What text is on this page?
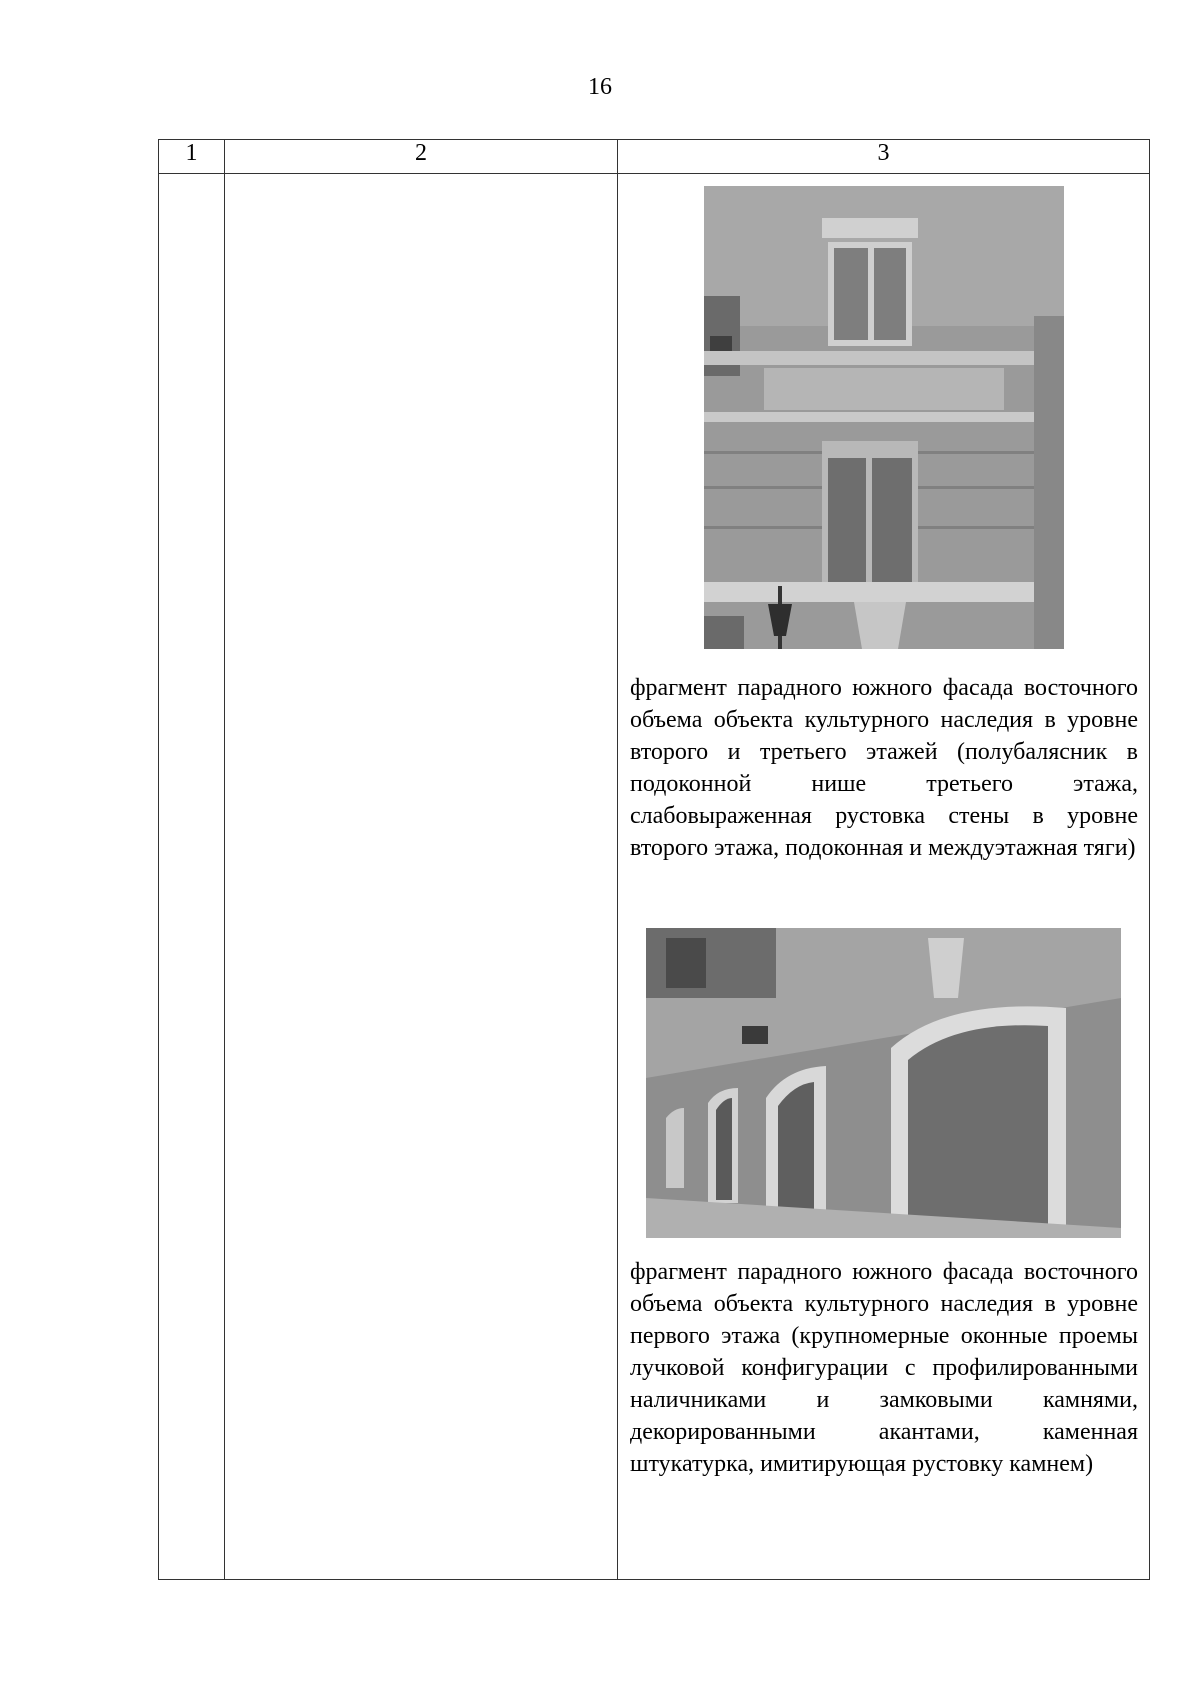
16
1	2	3

		фрагмент парадного южного фасада восточного объема объекта культурного наследия в уровне второго и третьего этажей (полубалясник в подоконной нише третьего этажа, слабовыраженная рустовка стены в уровне второго этажа, подоконная и междуэтажная тяги)
фрагмент парадного южного фасада восточного объема объекта культурного наследия в уровне первого этажа (крупномерные оконные проемы лучковой конфигурации с профилированными наличниками и замковыми камнями, декорированными акантами, каменная штукатурка, имитирующая рустовку камнем)
